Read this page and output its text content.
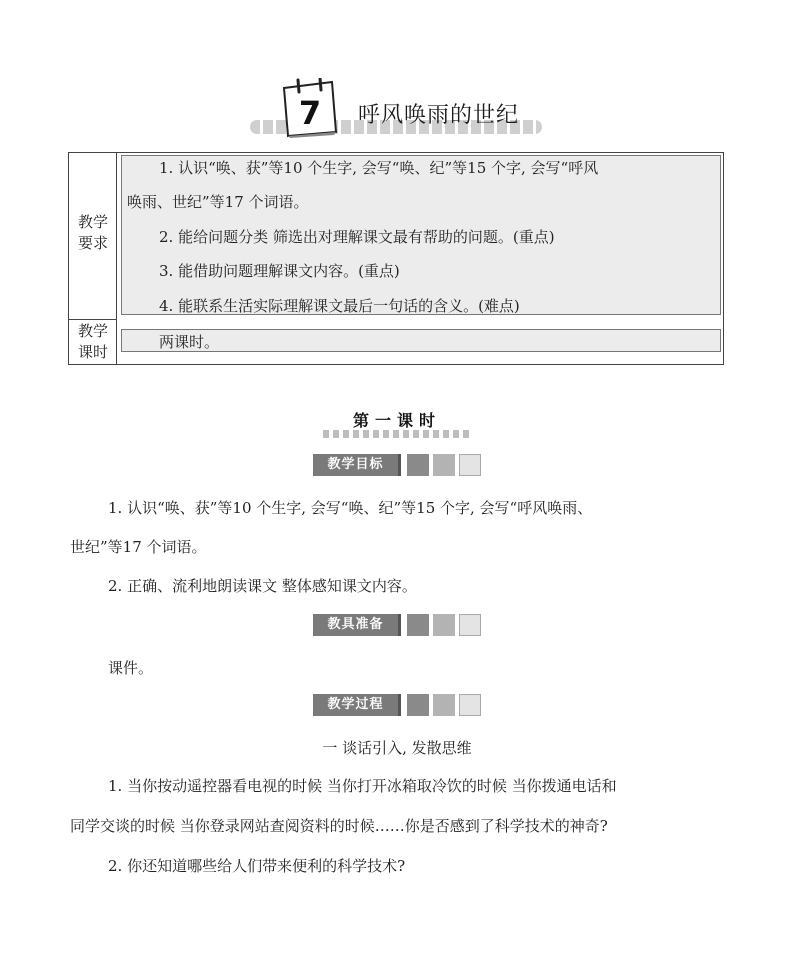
7 呼风唤雨的世纪
教学
要求
教学
课时
1. 认识“唤、获”等10 个生字, 会写“唤、纪”等15 个字, 会写“呼风
唤雨、世纪”等17 个词语。
2. 能给问题分类 筛选出对理解课文最有帮助的问题。(重点)
3. 能借助问题理解课文内容。(重点)
4. 能联系生活实际理解课文最后一句话的含义。(难点)
两课时。
第一课时
教学目标
1. 认识“唤、获”等10 个生字, 会写“唤、纪”等15 个字, 会写“呼风唤雨、
世纪”等17 个词语。
2. 正确、流利地朗读课文 整体感知课文内容。
教具准备
课件。
教学过程
一 谈话引入, 发散思维
1. 当你按动遥控器看电视的时候 当你打开冰箱取冷饮的时候 当你拨通电话和
同学交谈的时候 当你登录网站查阅资料的时候……你是否感到了科学技术的神奇?
2. 你还知道哪些给人们带来便利的科学技术?
